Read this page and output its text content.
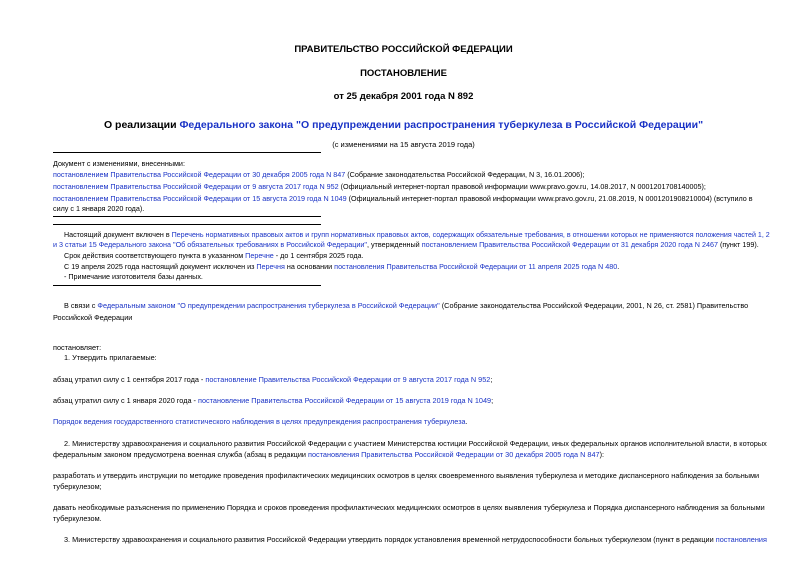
ПРАВИТЕЛЬСТВО РОССИЙСКОЙ ФЕДЕРАЦИИ
ПОСТАНОВЛЕНИЕ
от 25 декабря 2001 года N 892
О реализации Федерального закона "О предупреждении распространения туберкулеза в Российской Федерации"
(с изменениями на 15 августа 2019 года)
Документ с изменениями, внесенными:
постановлением Правительства Российской Федерации от 30 декабря 2005 года N 847 (Собрание законодательства Российской Федерации, N 3, 16.01.2006);
постановлением Правительства Российской Федерации от 9 августа 2017 года N 952 (Официальный интернет-портал правовой информации www.pravo.gov.ru, 14.08.2017, N 0001201708140005);
постановлением Правительства Российской Федерации от 15 августа 2019 года N 1049 (Официальный интернет-портал правовой информации www.pravo.gov.ru, 21.08.2019, N 0001201908210004) (вступило в
силу с 1 января 2020 года).
Настоящий документ включен в Перечень нормативных правовых актов и групп нормативных правовых актов, содержащих обязательные требования, в отношении которых не применяются положения частей 1, 2
и 3 статьи 15 Федерального закона "Об обязательных требованиях в Российской Федерации", утвержденный постановлением Правительства Российской Федерации от 31 декабря 2020 года N 2467 (пункт 199).
Срок действия соответствующего пункта в указанном Перечне - до 1 сентября 2025 года.
С 19 апреля 2025 года настоящий документ исключен из Перечня на основании постановления Правительства Российской Федерации от 11 апреля 2025 года N 480.
- Примечание изготовителя базы данных.
В связи с Федеральным законом "О предупреждении распространения туберкулеза в Российской Федерации" (Собрание законодательства Российской Федерации, 2001, N 26, ст. 2581) Правительство
Российской Федерации
постановляет:
1. Утвердить прилагаемые:
абзац утратил силу с 1 сентября 2017 года - постановление Правительства Российской Федерации от 9 августа 2017 года N 952;
абзац утратил силу с 1 января 2020 года - постановление Правительства Российской Федерации от 15 августа 2019 года N 1049;
Порядок ведения государственного статистического наблюдения в целях предупреждения распространения туберкулеза.
2. Министерству здравоохранения и социального развития Российской Федерации с участием Министерства юстиции Российской Федерации, иных федеральных органов исполнительной власти, в которых
федеральным законом предусмотрена военная служба (абзац в редакции постановления Правительства Российской Федерации от 30 декабря 2005 года N 847):
разработать и утвердить инструкции по методике проведения профилактических медицинских осмотров в целях своевременного выявления туберкулеза и методике диспансерного наблюдения за больными
туберкулезом;
давать необходимые разъяснения по применению Порядка и сроков проведения профилактических медицинских осмотров в целях выявления туберкулеза и Порядка диспансерного наблюдения за больными
туберкулезом.
3. Министерству здравоохранения и социального развития Российской Федерации утвердить порядок установления временной нетрудоспособности больных туберкулезом (пункт в редакции постановления
